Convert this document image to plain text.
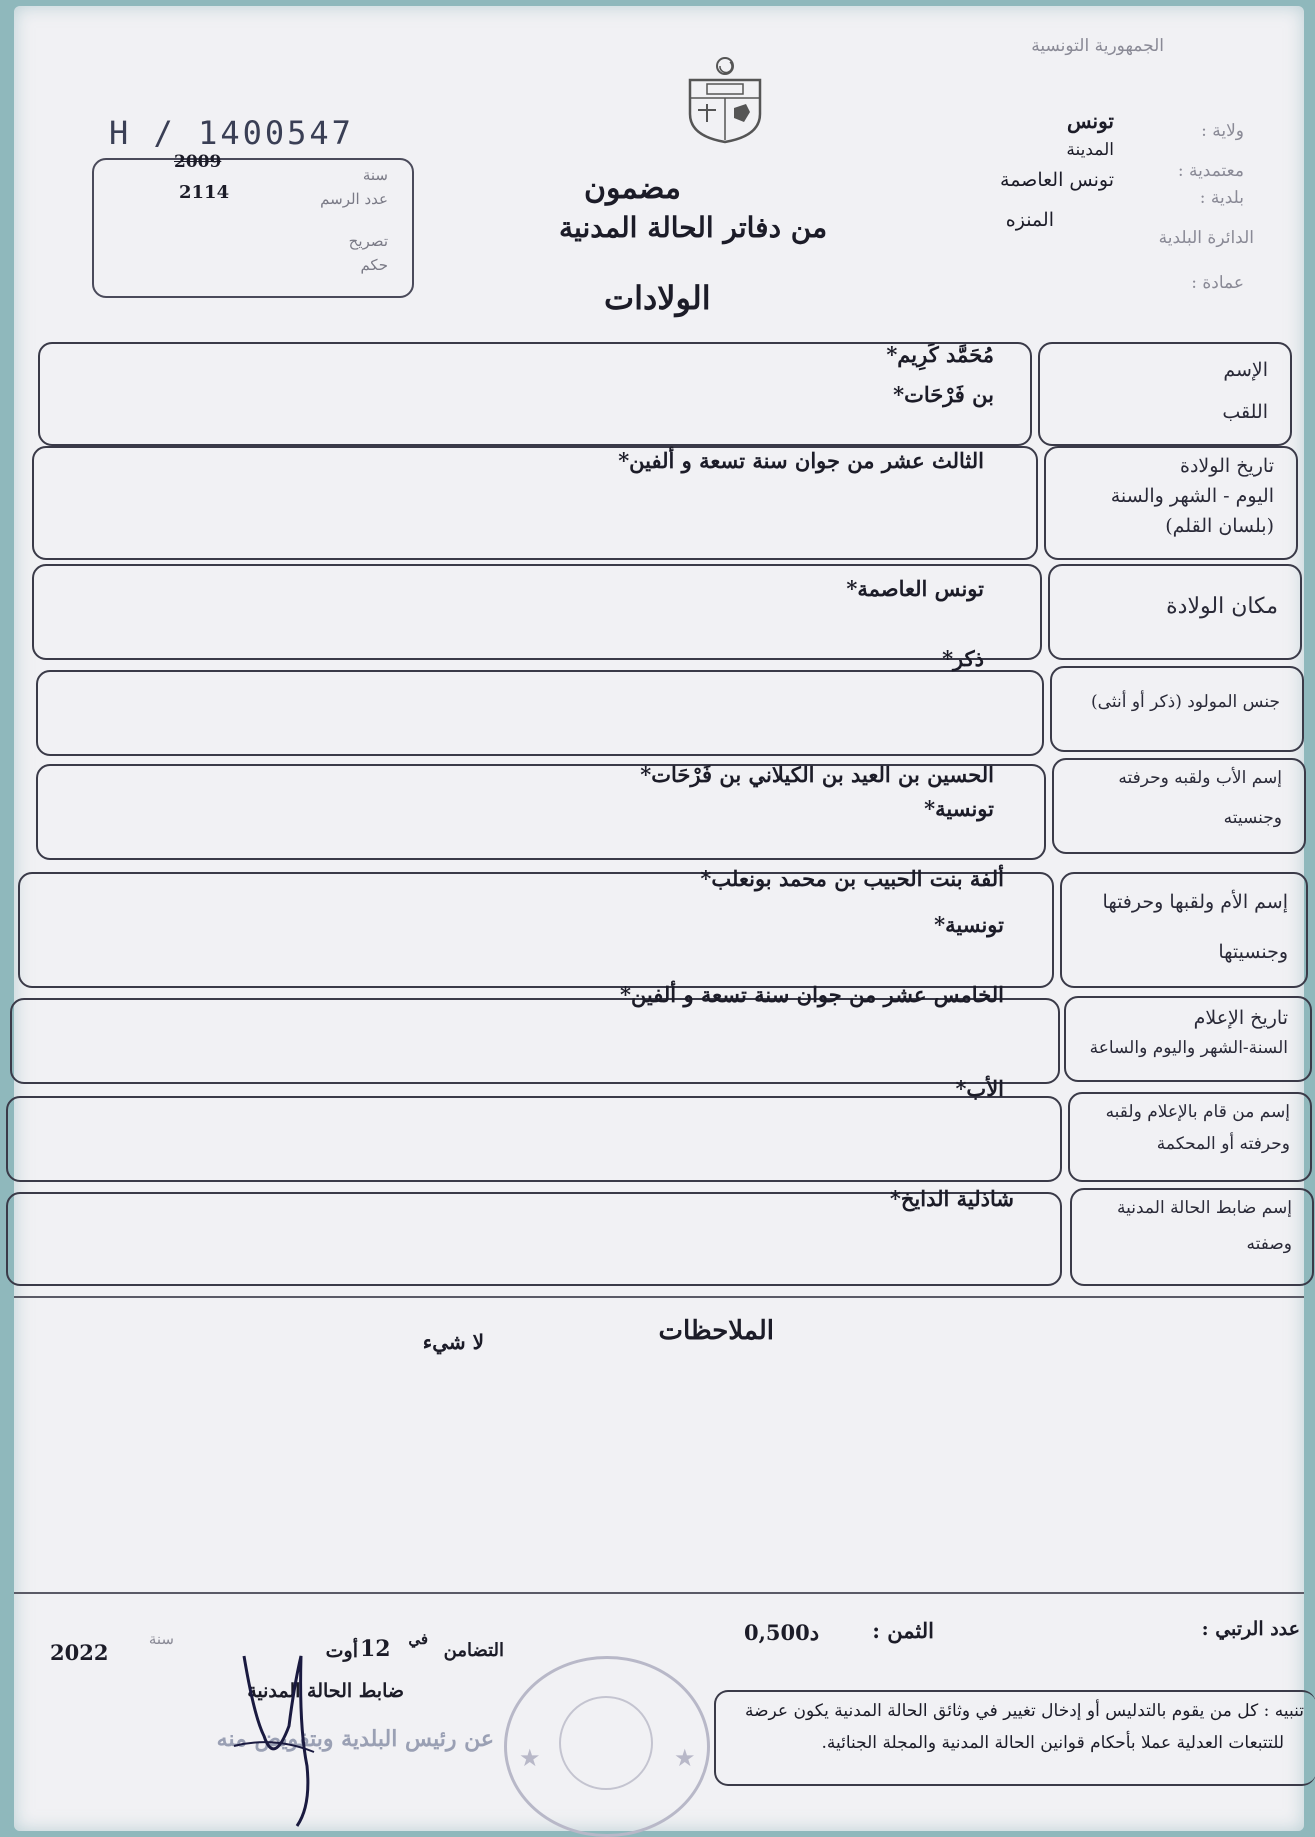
الجمهورية التونسية
ولاية :
تونس
المدينة
معتمدية :
تونس العاصمة
بلدية :
المنزه
الدائرة البلدية
عمادة :
H / 1400547
2009
2114
سنة
عدد الرسم
تصريح
حكم
مضمون
من دفاتر الحالة المدنية
الولادات
الإسم
اللقب
مُحَمَّد كَرِيم*
بن فَرْحَات*
تاريخ الولادة
اليوم - الشهر والسنة
(بلسان القلم)
الثالث عشر من جوان سنة تسعة و ألفين*
مكان الولادة
تونس العاصمة*
جنس المولود (ذكر أو أنثى)
ذكر*
إسم الأب ولقبه وحرفته
وجنسيته
الحسين بن العيد بن الكيلاني بن فَرْحَات*
تونسية*
إسم الأم ولقبها وحرفتها
وجنسيتها
ألفة بنت الحبيب بن محمد بونعلب*
تونسية*
تاريخ الإعلام
السنة-الشهر واليوم والساعة
الخامس عشر من جوان سنة تسعة و ألفين*
إسم من قام بالإعلام ولقبه
وحرفته أو المحكمة
الأب*
إسم ضابط الحالة المدنية
وصفته
شاذلية الدايخ*
الملاحظات
لا شيء
عدد الرتبي :
الثمن :
0,500د
التضامن
في
12
أوت
سنة
2022
ضابط الحالة المدنية
عن رئيس البلدية وبتفويض منه
★	★
تنبيه : كل من يقوم بالتدليس أو إدخال تغيير في وثائق الحالة المدنية يكون عرضة
للتتبعات العدلية عملا بأحكام قوانين الحالة المدنية والمجلة الجنائية.
